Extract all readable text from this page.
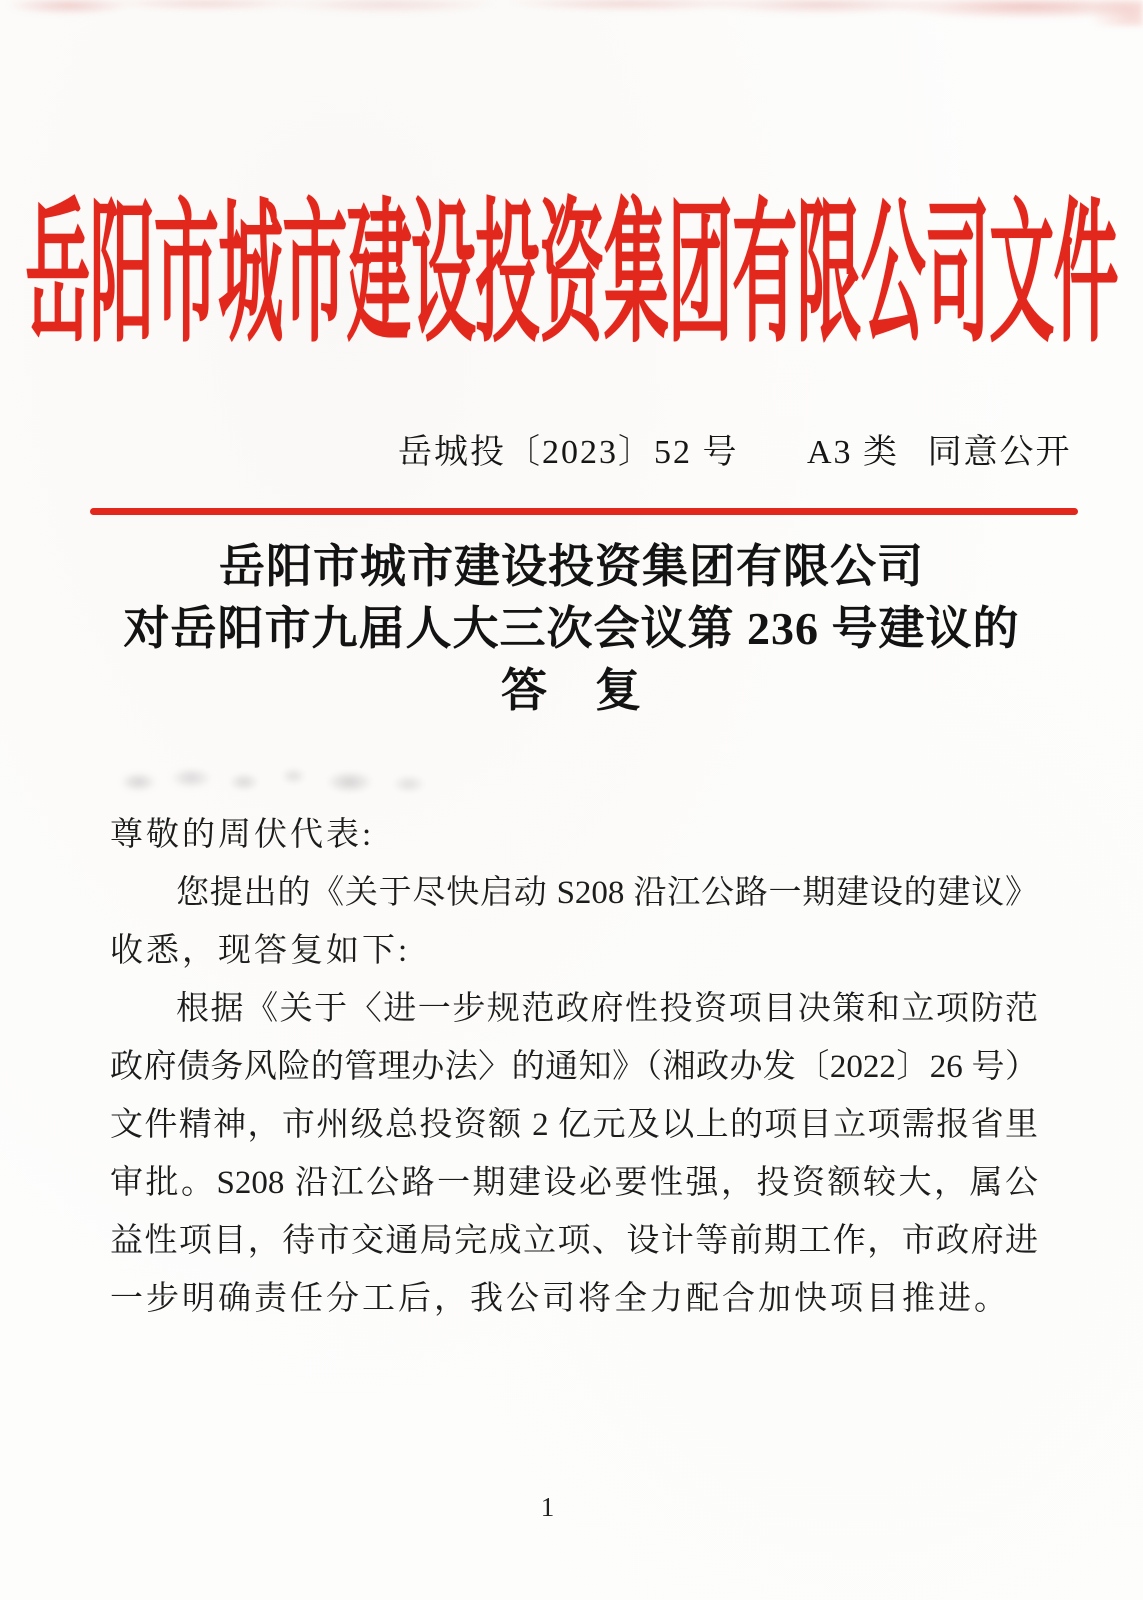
岳阳市城市建设投资集团有限公司文件
岳城投〔2023〕52 号 A3 类 同意公开
岳阳市城市建设投资集团有限公司
对岳阳市九届人大三次会议第 236 号建议的
答　复
尊敬的周伏代表:
您提出的《关于尽快启动 S208 沿江公路一期建设的建议》
收悉，现答复如下:
根据《关于〈进一步规范政府性投资项目决策和立项防范
政府债务风险的管理办法〉的通知》（湘政办发〔2022〕26 号）
文件精神，市州级总投资额 2 亿元及以上的项目立项需报省里
审批。S208 沿江公路一期建设必要性强，投资额较大，属公
益性项目，待市交通局完成立项、设计等前期工作，市政府进
一步明确责任分工后，我公司将全力配合加快项目推进。
1
